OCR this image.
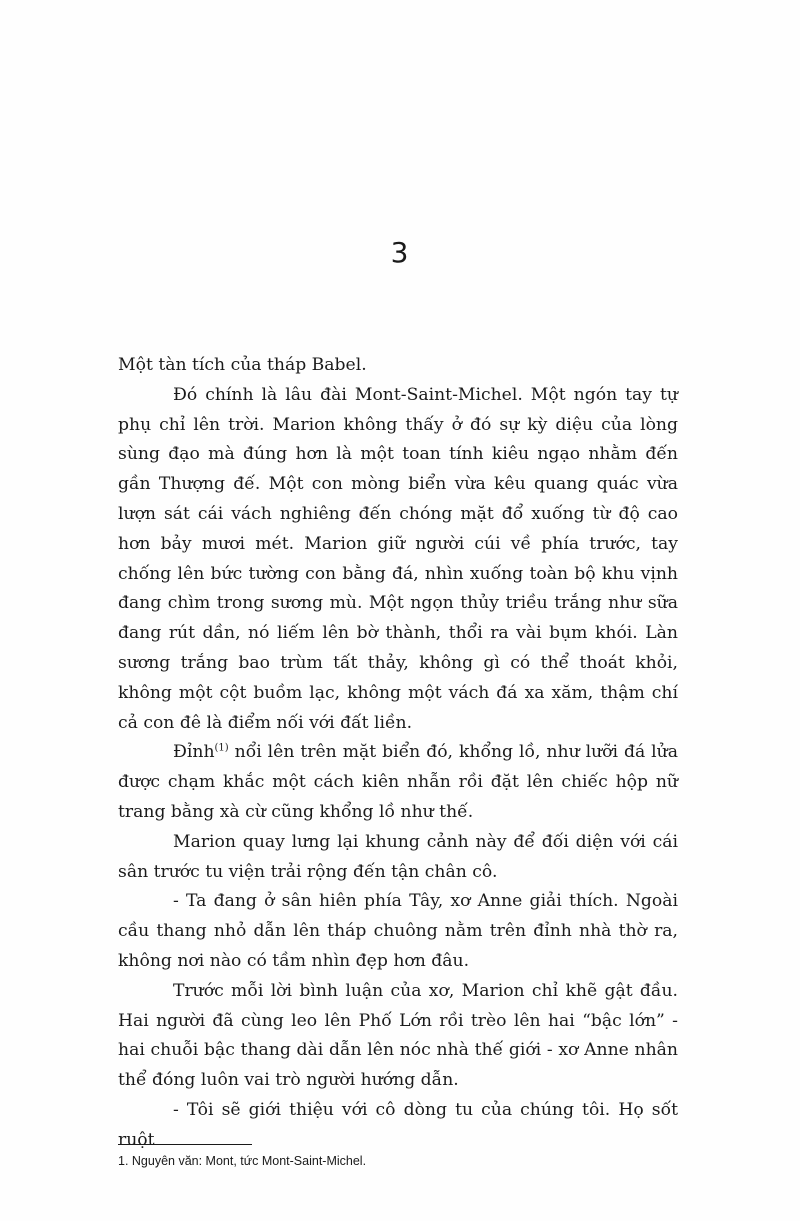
3

Một tàn tích của tháp Babel.

Đó chính là lâu đài Mont-Saint-Michel. Một ngón tay tự phụ chỉ lên trời. Marion không thấy ở đó sự kỳ diệu của lòng sùng đạo mà đúng hơn là một toan tính kiêu ngạo nhằm đến gần Thượng đế. Một con mòng biển vừa kêu quang quác vừa lượn sát cái vách nghiêng đến chóng mặt đổ xuống từ độ cao hơn bảy mươi mét. Marion giữ người cúi về phía trước, tay chống lên bức tường con bằng đá, nhìn xuống toàn bộ khu vịnh đang chìm trong sương mù. Một ngọn thủy triều trắng như sữa đang rút dần, nó liếm lên bờ thành, thổi ra vài bụm khói. Làn sương trắng bao trùm tất thảy, không gì có thể thoát khỏi, không một cột buồm lạc, không một vách đá xa xăm, thậm chí cả con đê là điểm nối với đất liền.

Đỉnh$^{(1)}$ nổi lên trên mặt biển đó, khổng lồ, như lưỡi đá lửa được chạm khắc một cách kiên nhẫn rồi đặt lên chiếc hộp nữ trang bằng xà cừ cũng khổng lồ như thế.

Marion quay lưng lại khung cảnh này để đối diện với cái sân trước tu viện trải rộng đến tận chân cô.

- Ta đang ở sân hiên phía Tây, xơ Anne giải thích. Ngoài cầu thang nhỏ dẫn lên tháp chuông nằm trên đỉnh nhà thờ ra, không nơi nào có tầm nhìn đẹp hơn đâu.

Trước mỗi lời bình luận của xơ, Marion chỉ khẽ gật đầu. Hai người đã cùng leo lên Phố Lớn rồi trèo lên hai “bậc lớn” - hai chuỗi bậc thang dài dẫn lên nóc nhà thế giới - xơ Anne nhân thể đóng luôn vai trò người hướng dẫn.

- Tôi sẽ giới thiệu với cô dòng tu của chúng tôi. Họ sốt ruột

1. Nguyên văn: Mont, tức Mont-Saint-Michel.
